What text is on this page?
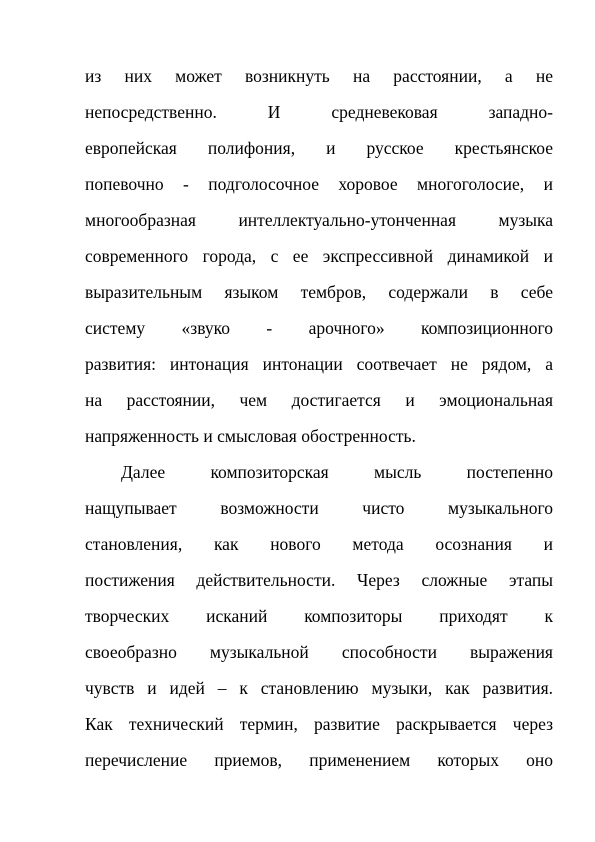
из них может возникнуть на расстоянии, а не
непосредственно. И средневековая западно-
европейская полифония, и русское крестьянское
попевочно - подголосочное хоровое многоголосие, и
многообразная интеллектуально-утонченная музыка
современного города, с ее экспрессивной динамикой и
выразительным языком тембров, содержали в себе
систему «звуко - арочного» композиционного
развития: интонация интонации соотвечает не рядом, а
на расстоянии, чем достигается и эмоциональная
напряженность и смысловая обостренность.
Далее композиторская мысль постепенно
нащупывает возможности чисто музыкального
становления, как нового метода осознания и
постижения действительности. Через сложные этапы
творческих исканий композиторы приходят к
своеобразно музыкальной способности выражения
чувств и идей – к становлению музыки, как развития.
Как технический термин, развитие раскрывается через
перечисление приемов, применением которых оно
